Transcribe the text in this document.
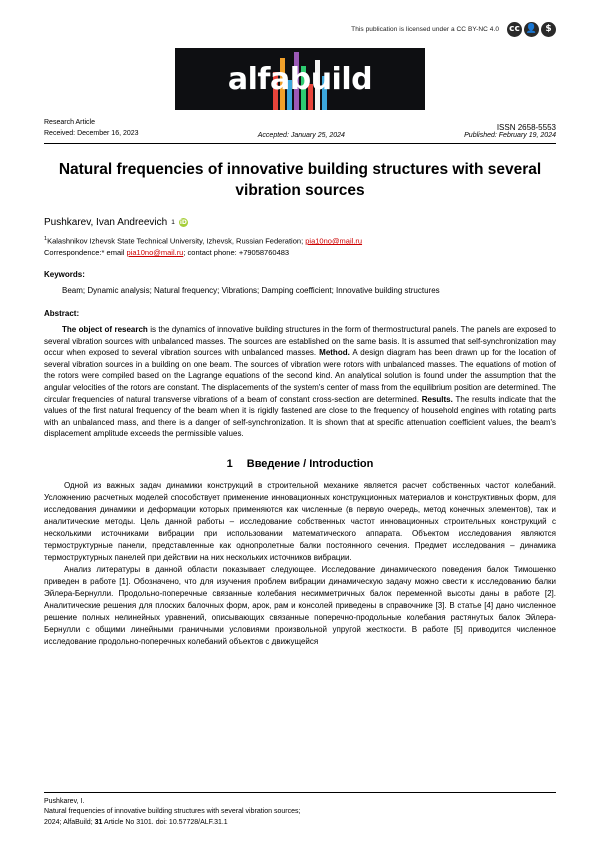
This publication is licensed under a CC BY-NC 4.0 cc 👤 $
alfabuild
Research Article
Received: December 16, 2023	Accepted: January 25, 2024
ISSN 2658-5553
Published: February 19, 2024
Natural frequencies of innovative building structures with several vibration sources
Pushkarev, Ivan Andreevich 1 iD
$^1$Kalashnikov Izhevsk State Technical University, Izhevsk, Russian Federation; pia10no@mail.ru
Correspondence:* email pia10no@mail.ru; contact phone: +79058760483
Keywords:
Beam; Dynamic analysis; Natural frequency; Vibrations; Damping coefficient; Innovative building structures
Abstract:
The object of research is the dynamics of innovative building structures in the form of thermostructural panels. The panels are exposed to several vibration sources with unbalanced masses. The sources are established on the same basis. It is assumed that self-synchronization may occur when exposed to several vibration sources with unbalanced masses. Method. A design diagram has been drawn up for the location of several vibration sources in a building on one beam. The sources of vibration were rotors with unbalanced masses. The equations of motion of the rotors were compiled based on the Lagrange equations of the second kind. An analytical solution is found under the assumption that the angular velocities of the rotors are constant. The displacements of the system's center of mass from the equilibrium position are determined. The circular frequencies of natural transverse vibrations of a beam of constant cross-section are determined. Results. The results indicate that the values of the first natural frequency of the beam when it is rigidly fastened are close to the frequency of household engines with rotating parts with an unbalanced mass, and there is a danger of self-synchronization. It is shown that at specific attenuation coefficient values, the beam's displacement amplitude exceeds the permissible values.
1 Введение / Introduction
Одной из важных задач динамики конструкций в строительной механике является расчет собственных частот колебаний. Усложнению расчетных моделей способствует применение инновационных конструкционных материалов и конструктивных форм, для исследования динамики и деформации которых применяются как численные (в первую очередь, метод конечных элементов), так и аналитические методы. Цель данной работы – исследование собственных частот инновационных строительных конструкций с несколькими источниками вибрации при использовании математического аппарата. Объектом исследования являются термоструктурные панели, представленные как однопролетные балки постоянного сечения. Предмет исследования – динамика термоструктурных панелей при действии на них нескольких источников вибрации.
Анализ литературы в данной области показывает следующее. Исследование динамического поведения балок Тимошенко приведен в работе [1]. Обозначено, что для изучения проблем вибрации динамическую задачу можно свести к исследованию балки Эйлера-Бернулли. Продольно-поперечные связанные колебания несимметричных балок переменной высоты даны в работе [2]. Аналитические решения для плоских балочных форм, арок, рам и консолей приведены в справочнике [3]. В статье [4] дано численное решение полных нелинейных уравнений, описывающих связанные поперечно-продольные колебания растянутых балок Эйлера-Бернулли с общими линейными граничными условиями произвольной упругой жесткости. В работе [5] приводится численное исследование продольно-поперечных колебаний объектов с движущейся
Pushkarev, I.
Natural frequencies of innovative building structures with several vibration sources;
2024; AlfaBuild; 31 Article No 3101. doi: 10.57728/ALF.31.1
